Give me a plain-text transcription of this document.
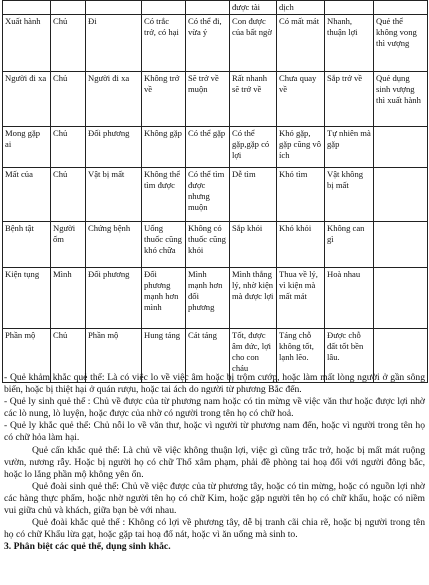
					được tài	dịch		
Xuất hành	Chủ	Đi	Có trắc trở, có hại	Có thể đi, vừa ý	Con được của bất ngờ	Có mất mát	Nhanh, thuận lợi	Quẻ thể không vong thì vượng
Người đi xa	Chủ	Người đi xa	Không trở về	Sẽ trở về muộn	Rất nhanh sẽ trở về	Chưa quay về	Sắp trở về	Quẻ dụng sinh vượng thì xuất hành
Mong gặp ai	Chủ	Đối phương	Không gặp	Có thể gặp	Có thể gặp,gặp có lợi	Khó gặp, gặp cũng vô ích	Tự nhiên mà gặp	
Mất của	Chủ	Vật bị mất	Không thể tìm được	Có thể tìm được nhưng muộn	Dễ tìm	Khó tìm	Vật không bị mất	
Bệnh tật	Người ốm	Chứng bệnh	Uống thuốc cũng khó chữa	Không có thuốc cũng khỏi	Sắp khỏi	Khó khỏi	Không can gì	
Kiện tụng	Mình	Đối phương	Đối phương mạnh hơn mình	Mình mạnh hơn đối phương	Mình thắng lý, nhờ kiện mà được lợi	Thua về lý, vì kiện mà mất mát	Hoà nhau	
Phần mộ	Chủ	Phần mộ	Hung táng	Cát táng	Tốt, được âm đức, lợi cho con cháu	Táng chỗ không tốt, lạnh lẽo.	Được chỗ đất tốt bền lâu.	

- Quẻ khảm khắc quẻ thể: Là có việc lo về việc âm hoặc bị trộm cướp, hoặc làm mất lòng người ở gần sông biển, hoặc bị thiệt hại ở quán rượu, hoặc tai ách do người từ phương Bắc đến.

- Quẻ ly sinh quẻ thể : Chủ về được của từ phương nam hoặc có tin mừng về việc văn thư hoặc được lợi nhờ các lò nung, lò luyện, hoặc được của nhờ có người trong tên họ có chữ hoả.

- Quẻ ly khắc quẻ thể: Chủ nỗi lo về văn thư, hoặc vì người từ phương nam đến, hoặc vì người trong tên họ có chữ hỏa làm hại.

Quẻ cấn khắc quẻ thể: Là chủ về việc không thuận lợi, việc gì cũng trắc trở, hoặc bị mất mát ruộng vườn, nương rẫy. Hoặc bị người họ có chữ Thổ xâm phạm, phải đề phòng tai hoạ đối với người đông bắc, hoặc lo lắng phần mộ không yên ổn.

Quẻ đoài sinh quẻ thể: Chủ về việc được của từ phương tây, hoặc có tin mừng, hoặc có nguồn lợi nhờ các hàng thực phẩm, hoặc nhờ người tên họ có chữ Kim, hoặc gặp người tên họ có chữ khẩu, hoặc có niềm vui giữa chủ và khách, giữa bạn bè với nhau.

Quẻ đoài khắc quẻ thể : Không có lợi về phương tây, dễ bị tranh cãi chia rẽ, hoặc bị người trong tên họ có chữ Khẩu lừa gạt, hoặc gặp tai hoạ đổ nát, hoặc vì ăn uống mà sinh to.

3. Phân biệt các quẻ thể, dụng sinh khắc.
